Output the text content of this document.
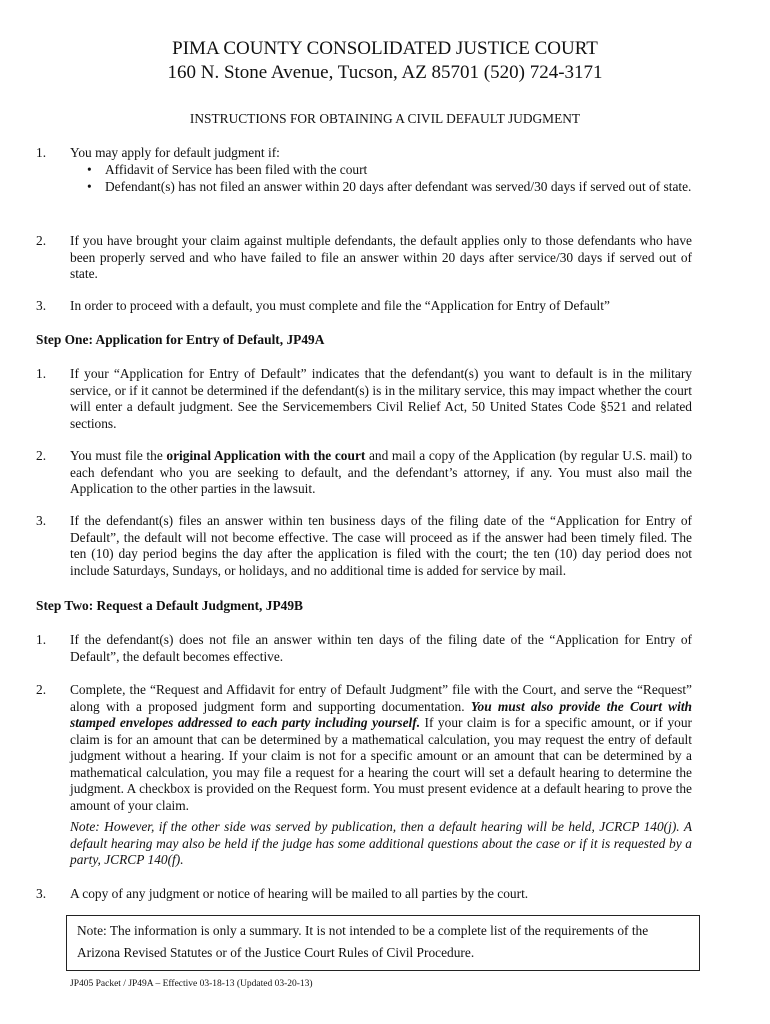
PIMA COUNTY CONSOLIDATED JUSTICE COURT
160 N. Stone Avenue, Tucson, AZ 85701 (520) 724-3171
INSTRUCTIONS FOR OBTAINING A CIVIL DEFAULT JUDGMENT
1. You may apply for default judgment if:
• Affidavit of Service has been filed with the court
• Defendant(s) has not filed an answer within 20 days after defendant was served/30 days if served out of state.
2. If you have brought your claim against multiple defendants, the default applies only to those defendants who have been properly served and who have failed to file an answer within 20 days after service/30 days if served out of state.
3. In order to proceed with a default, you must complete and file the “Application for Entry of Default”
Step One: Application for Entry of Default, JP49A
1. If your “Application for Entry of Default” indicates that the defendant(s) you want to default is in the military service, or if it cannot be determined if the defendant(s) is in the military service, this may impact whether the court will enter a default judgment. See the Servicemembers Civil Relief Act, 50 United States Code §521 and related sections.
2. You must file the original Application with the court and mail a copy of the Application (by regular U.S. mail) to each defendant who you are seeking to default, and the defendant’s attorney, if any. You must also mail the Application to the other parties in the lawsuit.
3. If the defendant(s) files an answer within ten business days of the filing date of the “Application for Entry of Default”, the default will not become effective. The case will proceed as if the answer had been timely filed. The ten (10) day period begins the day after the application is filed with the court; the ten (10) day period does not include Saturdays, Sundays, or holidays, and no additional time is added for service by mail.
Step Two: Request a Default Judgment, JP49B
1. If the defendant(s) does not file an answer within ten days of the filing date of the “Application for Entry of Default”, the default becomes effective.
2. Complete, the “Request and Affidavit for entry of Default Judgment” file with the Court, and serve the “Request” along with a proposed judgment form and supporting documentation. You must also provide the Court with stamped envelopes addressed to each party including yourself. If your claim is for a specific amount, or if your claim is for an amount that can be determined by a mathematical calculation, you may request the entry of default judgment without a hearing. If your claim is not for a specific amount or an amount that can be determined by a mathematical calculation, you may file a request for a hearing the court will set a default hearing to determine the judgment. A checkbox is provided on the Request form. You must present evidence at a default hearing to prove the amount of your claim.
Note: However, if the other side was served by publication, then a default hearing will be held, JCRCP 140(j). A default hearing may also be held if the judge has some additional questions about the case or if it is requested by a party, JCRCP 140(f).
3. A copy of any judgment or notice of hearing will be mailed to all parties by the court.
Note: The information is only a summary. It is not intended to be a complete list of the requirements of the Arizona Revised Statutes or of the Justice Court Rules of Civil Procedure.
JP405 Packet / JP49A – Effective 03-18-13 (Updated 03-20-13)
